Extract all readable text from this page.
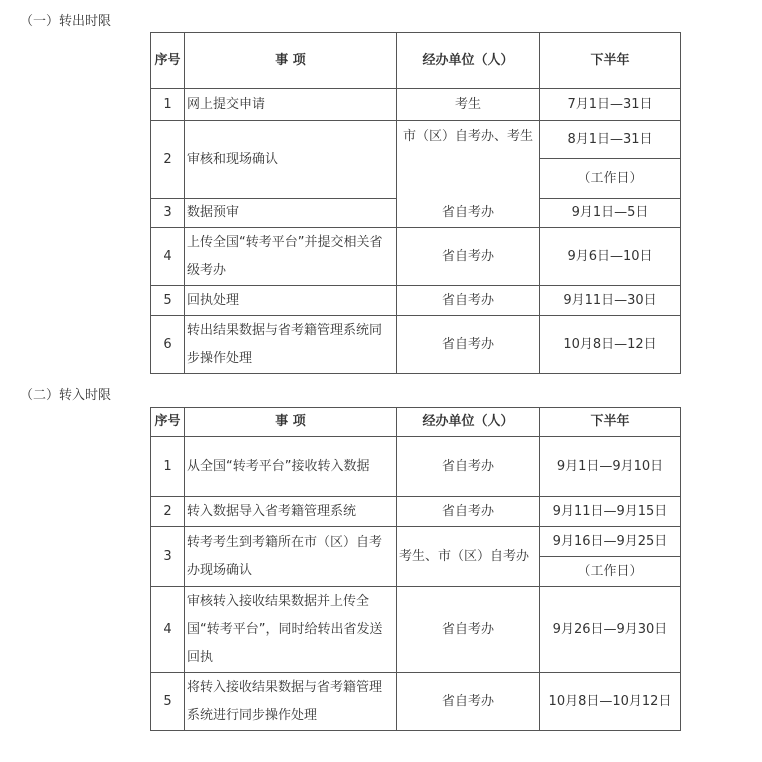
（一）转出时限
序号	事 项	经办单位（人）	下半年
1	网上提交申请	考生	7月1日—31日
2	审核和现场确认	市（区）自考办、考生	8月1日—31日
			（工作日）
3	数据预审	省自考办	9月1日—5日
4	上传全国“转考平台”并提交相关省级考办	省自考办	9月6日—10日
5	回执处理	省自考办	9月11日—30日
6	转出结果数据与省考籍管理系统同步操作处理	省自考办	10月8日—12日
（二）转入时限
序号	事 项	经办单位（人）	下半年
1	从全国“转考平台”接收转入数据	省自考办	9月1日—9月10日
2	转入数据导入省考籍管理系统	省自考办	9月11日—9月15日
3	转考考生到考籍所在市（区）自考办现场确认	考生、市（区）自考办	9月16日—9月25日
			（工作日）
4	审核转入接收结果数据并上传全国“转考平台”，同时给转出省发送回执	省自考办	9月26日—9月30日
5	将转入接收结果数据与省考籍管理系统进行同步操作处理	省自考办	10月8日—10月12日
